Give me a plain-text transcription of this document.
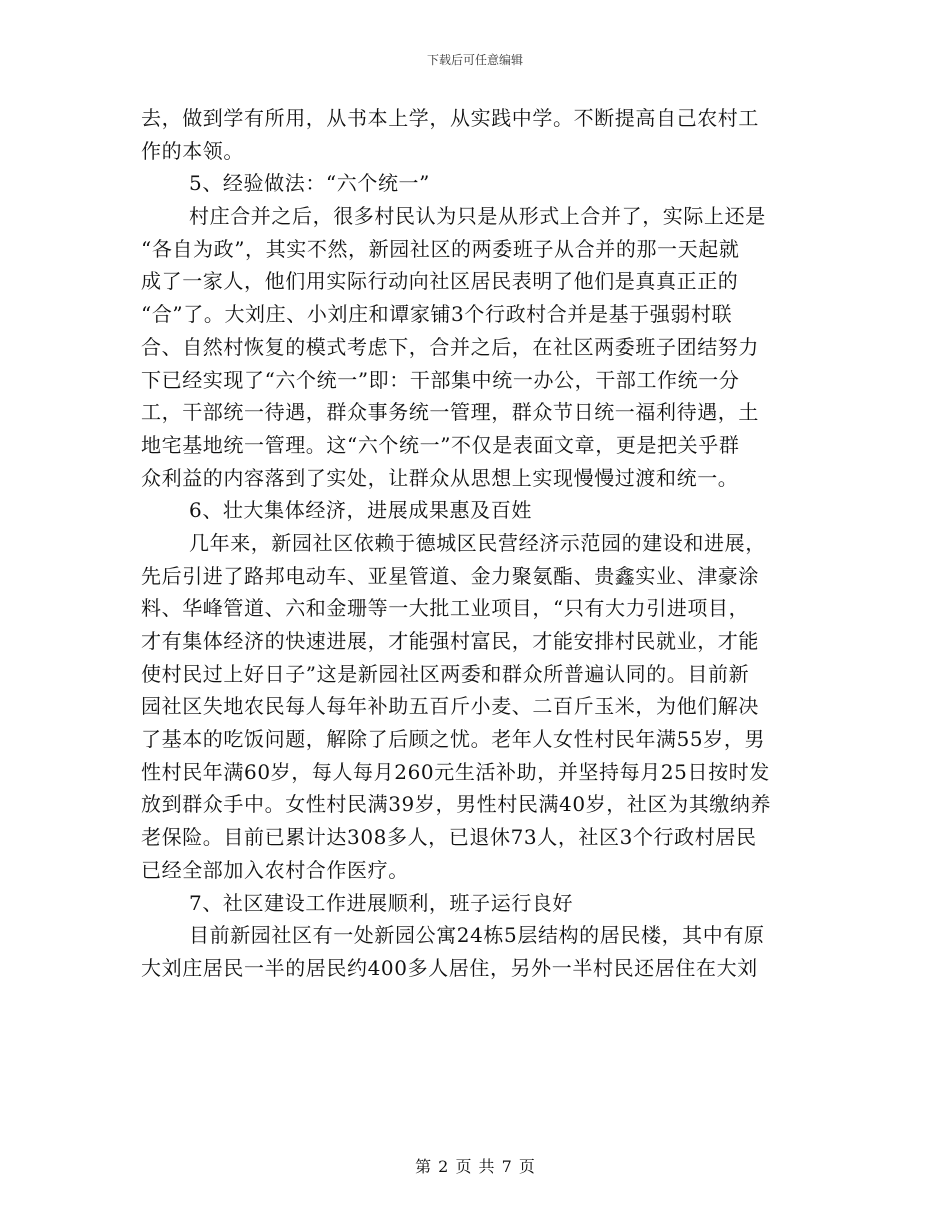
下载后可任意编辑
去，做到学有所用，从书本上学，从实践中学。不断提高自己农村工
作的本领。
5、经验做法：“六个统一”
村庄合并之后，很多村民认为只是从形式上合并了，实际上还是
“各自为政”，其实不然，新园社区的两委班子从合并的那一天起就
成了一家人，他们用实际行动向社区居民表明了他们是真真正正的
“合”了。大刘庄、小刘庄和谭家铺3个行政村合并是基于强弱村联
合、自然村恢复的模式考虑下，合并之后，在社区两委班子团结努力
下已经实现了“六个统一”即：干部集中统一办公，干部工作统一分
工，干部统一待遇，群众事务统一管理，群众节日统一福利待遇，土
地宅基地统一管理。这“六个统一”不仅是表面文章，更是把关乎群
众利益的内容落到了实处，让群众从思想上实现慢慢过渡和统一。
6、壮大集体经济，进展成果惠及百姓
几年来，新园社区依赖于德城区民营经济示范园的建设和进展，
先后引进了路邦电动车、亚星管道、金力聚氨酯、贵鑫实业、津豪涂
料、华峰管道、六和金珊等一大批工业项目，“只有大力引进项目，
才有集体经济的快速进展，才能强村富民，才能安排村民就业，才能
使村民过上好日子”这是新园社区两委和群众所普遍认同的。目前新
园社区失地农民每人每年补助五百斤小麦、二百斤玉米，为他们解决
了基本的吃饭问题，解除了后顾之忧。老年人女性村民年满55岁，男
性村民年满60岁，每人每月260元生活补助，并坚持每月25日按时发
放到群众手中。女性村民满39岁，男性村民满40岁，社区为其缴纳养
老保险。目前已累计达308多人，已退休73人，社区3个行政村居民
已经全部加入农村合作医疗。
7、社区建设工作进展顺利，班子运行良好
目前新园社区有一处新园公寓24栋5层结构的居民楼，其中有原
大刘庄居民一半的居民约400多人居住，另外一半村民还居住在大刘
第 2 页 共 7 页
